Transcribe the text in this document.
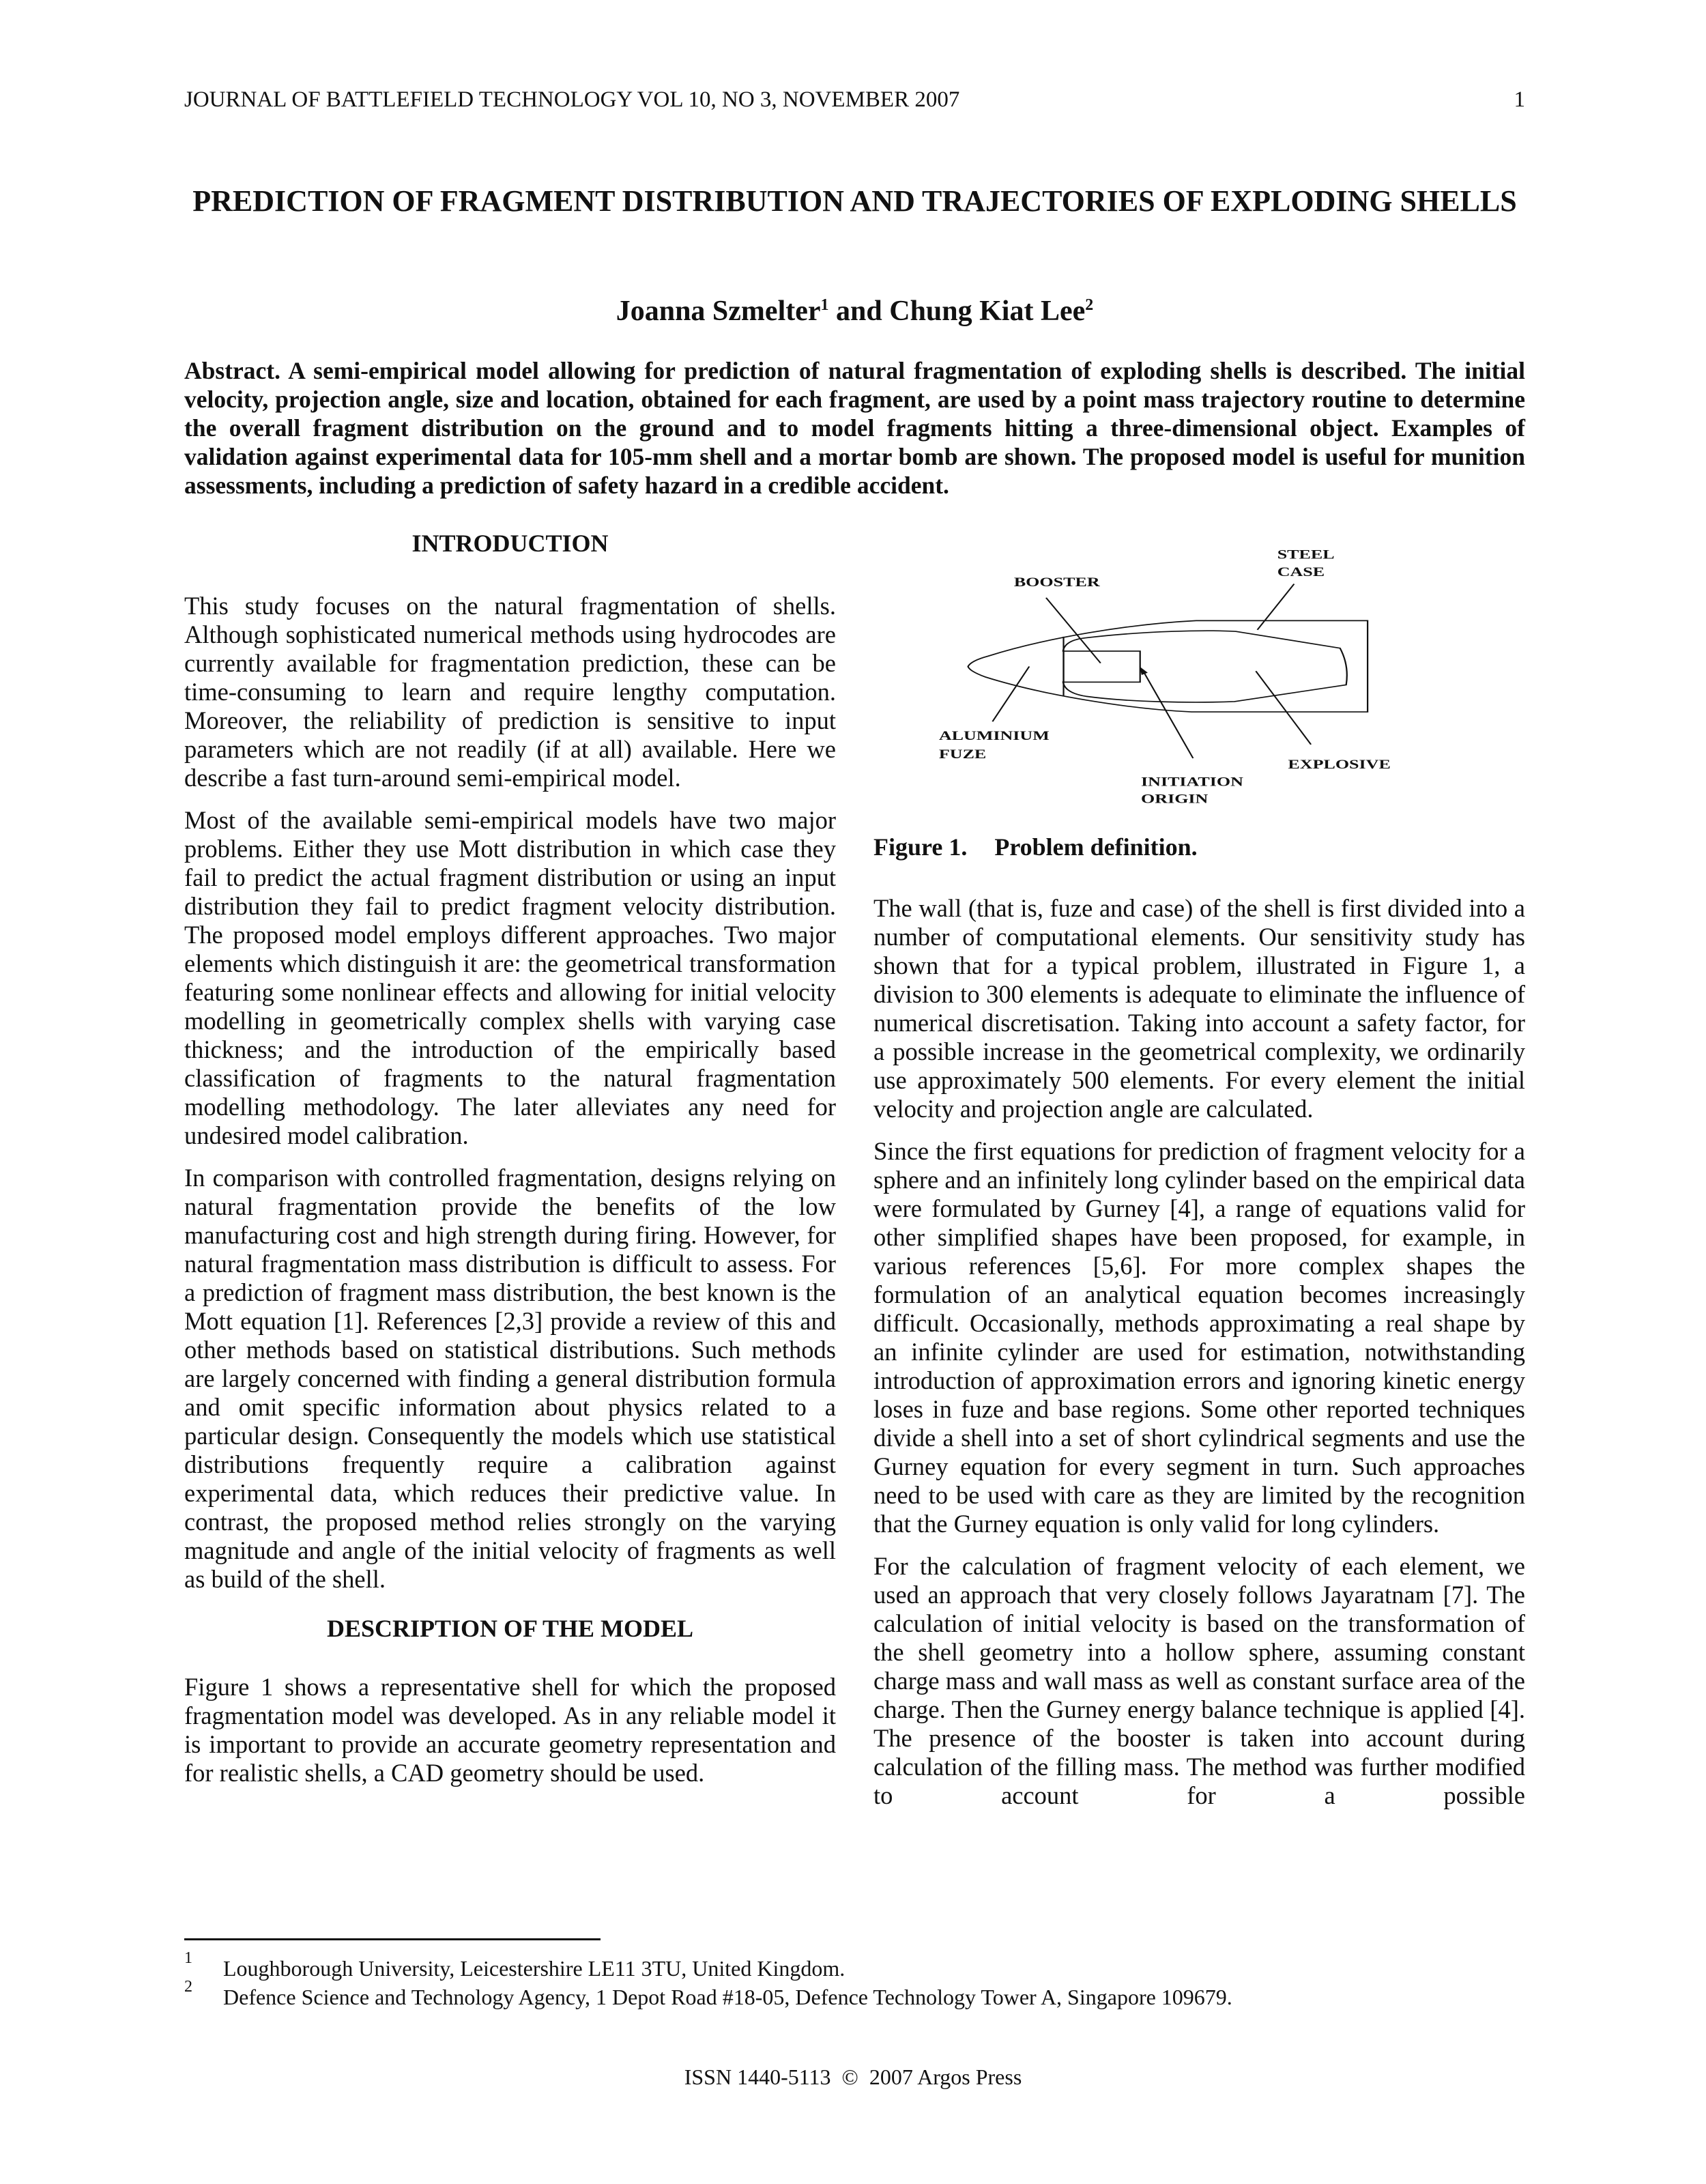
JOURNAL OF BATTLEFIELD TECHNOLOGY VOL 10, NO 3, NOVEMBER 2007	1
PREDICTION OF FRAGMENT DISTRIBUTION AND TRAJECTORIES OF EXPLODING SHELLS
Joanna Szmelter$^1$ and Chung Kiat Lee$^2$
Abstract. A semi-empirical model allowing for prediction of natural fragmentation of exploding shells is described. The initial velocity, projection angle, size and location, obtained for each fragment, are used by a point mass trajectory routine to determine the overall fragment distribution on the ground and to model fragments hitting a three-dimensional object. Examples of validation against experimental data for 105-mm shell and a mortar bomb are shown. The proposed model is useful for munition assessments, including a prediction of safety hazard in a credible accident.

INTRODUCTION

This study focuses on the natural fragmentation of shells. Although sophisticated numerical methods using hydrocodes are currently available for fragmentation prediction, these can be time-consuming to learn and require lengthy computation. Moreover, the reliability of prediction is sensitive to input parameters which are not readily (if at all) available. Here we describe a fast turn-around semi-empirical model.

Most of the available semi-empirical models have two major problems. Either they use Mott distribution in which case they fail to predict the actual fragment distribution or using an input distribution they fail to predict fragment velocity distribution. The proposed model employs different approaches. Two major elements which distinguish it are: the geometrical transformation featuring some nonlinear effects and allowing for initial velocity modelling in geometrically complex shells with varying case thickness; and the introduction of the empirically based classification of fragments to the natural fragmentation modelling methodology. The later alleviates any need for undesired model calibration.

In comparison with controlled fragmentation, designs relying on natural fragmentation provide the benefits of the low manufacturing cost and high strength during firing. However, for natural fragmentation mass distribution is difficult to assess. For a prediction of fragment mass distribution, the best known is the Mott equation [1]. References [2,3] provide a review of this and other methods based on statistical distributions. Such methods are largely concerned with finding a general distribution formula and omit specific information about physics related to a particular design. Consequently the models which use statistical distributions frequently require a calibration against experimental data, which reduces their predictive value. In contrast, the proposed method relies strongly on the varying magnitude and angle of the initial velocity of fragments as well as build of the shell.

DESCRIPTION OF THE MODEL

Figure 1 shows a representative shell for which the proposed fragmentation model was developed. As in any reliable model it is important to provide an accurate geometry representation and for realistic shells, a CAD geometry should be used.

BOOSTER
STEEL
CASE
ALUMINIUM
FUZE
EXPLOSIVE
INITIATION
ORIGIN
Figure 1. Problem definition.

The wall (that is, fuze and case) of the shell is first divided into a number of computational elements. Our sensitivity study has shown that for a typical problem, illustrated in Figure 1, a division to 300 elements is adequate to eliminate the influence of numerical discretisation. Taking into account a safety factor, for a possible increase in the geometrical complexity, we ordinarily use approximately 500 elements. For every element the initial velocity and projection angle are calculated.

Since the first equations for prediction of fragment velocity for a sphere and an infinitely long cylinder based on the empirical data were formulated by Gurney [4], a range of equations valid for other simplified shapes have been proposed, for example, in various references [5,6]. For more complex shapes the formulation of an analytical equation becomes increasingly difficult. Occasionally, methods approximating a real shape by an infinite cylinder are used for estimation, notwithstanding introduction of approximation errors and ignoring kinetic energy loses in fuze and base regions. Some other reported techniques divide a shell into a set of short cylindrical segments and use the Gurney equation for every segment in turn. Such approaches need to be used with care as they are limited by the recognition that the Gurney equation is only valid for long cylinders.

For the calculation of fragment velocity of each element, we used an approach that very closely follows Jayaratnam [7]. The calculation of initial velocity is based on the transformation of the shell geometry into a hollow sphere, assuming constant charge mass and wall mass as well as constant surface area of the charge. Then the Gurney energy balance technique is applied [4]. The presence of the booster is taken into account during calculation of the filling mass. The method was further modified to account for a possible

1 Loughborough University, Leicestershire LE11 3TU, United Kingdom.
2 Defence Science and Technology Agency, 1 Depot Road #18-05, Defence Technology Tower A, Singapore 109679.
ISSN 1440-5113  ©  2007 Argos Press
